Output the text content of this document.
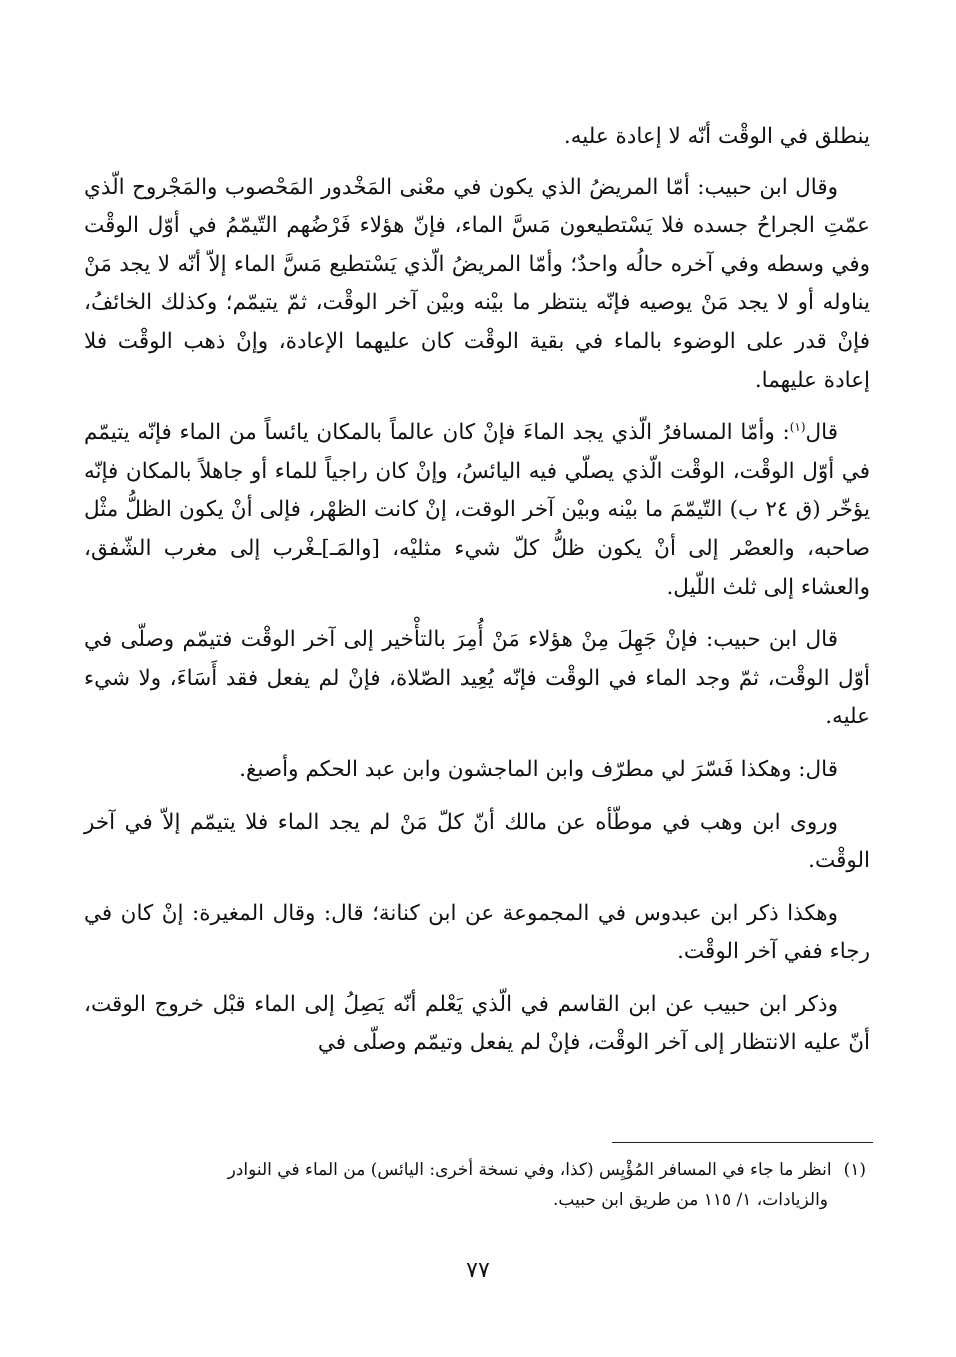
ينطلق في الوقْت أنّه لا إعادة عليه.

وقال ابن حبيب: أمّا المريضُ الذي يكون في معْنى المَخْدور المَحْصوب والمَجْروح الّذي عمّتِ الجراحُ جسده فلا يَسْتطيعون مَسَّ الماء، فإنّ هؤلاء فَرْضُهم التّيمّمُ في أوّل الوقْت وفي وسطه وفي آخره حالُه واحدٌ؛ وأمّا المريضُ الّذي يَسْتطيع مَسَّ الماء إلاّ أنّه لا يجد مَنْ يناوله أو لا يجد مَنْ يوصيه فإنّه ينتظر ما بيْنه وبيْن آخر الوقْت، ثمّ يتيمّم؛ وكذلك الخائفُ، فإنْ قدر على الوضوء بالماء في بقية الوقْت كان عليهما الإعادة، وإنْ ذهب الوقْت فلا إعادة عليهما.

قال$^{(١)}$: وأمّا المسافرُ الّذي يجد الماءَ فإنْ كان عالماً بالمكان يائساً من الماء فإنّه يتيمّم في أوّل الوقْت، الوقْت الّذي يصلّي فيه اليائسُ، وإنْ كان راجياً للماء أو جاهلاً بالمكان فإنّه يؤخّر (ق ٢٤ ب) التّيمّمَ ما بيْنه وبيْن آخر الوقت، إنْ كانت الظهْر، فإلى أنْ يكون الظلُّ مثْل صاحبه، والعصْر إلى أنْ يكون ظلُّ كلّ شيء مثليْه، [والمَـ]ـغْرب إلى مغرب الشّفق، والعشاء إلى ثلث اللّيل.

قال ابن حبيب: فإنْ جَهِلَ مِنْ هؤلاء مَنْ أُمِرَ بالتأْخير إلى آخر الوقْت فتيمّم وصلّى في أوّل الوقْت، ثمّ وجد الماء في الوقْت فإنّه يُعِيد الصّلاة، فإنْ لم يفعل فقد أَسَاءَ، ولا شيء عليه.

قال: وهكذا فَسّرَ لي مطرّف وابن الماجشون وابن عبد الحكم وأصبغ.

وروى ابن وهب في موطّأه عن مالك أنّ كلّ مَنْ لم يجد الماء فلا يتيمّم إلاّ في آخر الوقْت.

وهكذا ذكر ابن عبدوس في المجموعة عن ابن كنانة؛ قال: وقال المغيرة: إنْ كان في رجاء ففي آخر الوقْت.

وذكر ابن حبيب عن ابن القاسم في الّذي يَعْلم أنّه يَصِلُ إلى الماء قبْل خروج الوقت، أنّ عليه الانتظار إلى آخر الوقْت، فإنْ لم يفعل وتيمّم وصلّى في

(١)انظر ما جاء في المسافر المُؤْيِس (كذا، وفي نسخة أخرى: اليائس) من الماء في النوادر
والزيادات، ١/ ١١٥ من طريق ابن حبيب.
٧٧
